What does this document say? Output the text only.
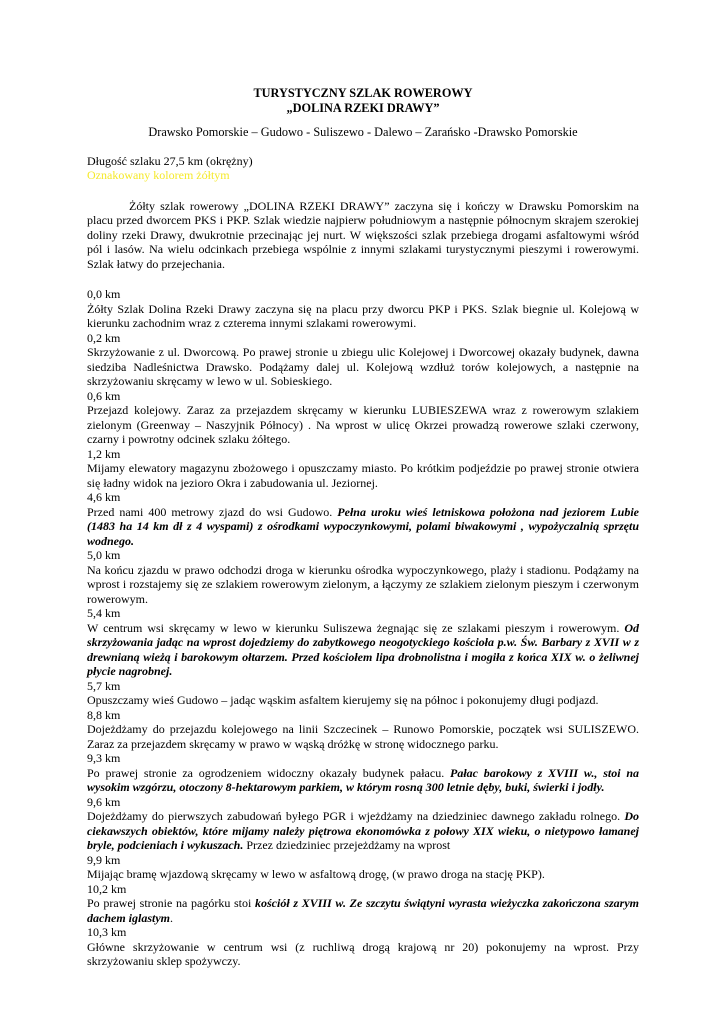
TURYSTYCZNY SZLAK ROWEROWY
„DOLINA RZEKI DRAWY”
Drawsko Pomorskie – Gudowo - Suliszewo - Dalewo – Zarańsko -Drawsko Pomorskie
Długość szlaku 27,5 km (okrężny)
Oznakowany kolorem żółtym
Żółty szlak rowerowy „DOLINA RZEKI DRAWY” zaczyna się i kończy w Drawsku Pomorskim na placu przed dworcem PKS i PKP. Szlak wiedzie najpierw południowym a następnie północnym skrajem szerokiej doliny rzeki Drawy, dwukrotnie przecinając jej nurt. W większości szlak przebiega drogami asfaltowymi wśród pól i lasów. Na wielu odcinkach przebiega wspólnie z innymi szlakami turystycznymi pieszymi i rowerowymi. Szlak łatwy do przejechania.
0,0 km
Żółty Szlak Dolina Rzeki Drawy zaczyna się na placu przy dworcu PKP i PKS. Szlak biegnie ul. Kolejową w kierunku zachodnim wraz z czterema innymi szlakami rowerowymi.
0,2 km
Skrzyżowanie z ul. Dworcową. Po prawej stronie u zbiegu ulic Kolejowej i Dworcowej okazały budynek, dawna siedziba Nadleśnictwa Drawsko. Podążamy dalej ul. Kolejową wzdłuż torów kolejowych, a następnie na skrzyżowaniu skręcamy w lewo w ul. Sobieskiego.
0,6 km
Przejazd kolejowy. Zaraz za przejazdem skręcamy w kierunku LUBIESZEWA wraz z rowerowym szlakiem zielonym (Greenway – Naszyjnik Północy) . Na wprost w ulicę Okrzei prowadzą rowerowe szlaki czerwony, czarny i powrotny odcinek szlaku żółtego.
1,2 km
Mijamy elewatory magazynu zbożowego i opuszczamy miasto. Po krótkim podjeździe po prawej stronie otwiera się ładny widok na jezioro Okra i zabudowania ul. Jeziornej.
4,6 km
Przed nami 400 metrowy zjazd do wsi Gudowo. Pełna uroku wieś letniskowa położona nad jeziorem Lubie (1483 ha 14 km dł z 4 wyspami) z ośrodkami wypoczynkowymi, polami biwakowymi , wypożyczalnią sprzętu wodnego.
5,0 km
Na końcu zjazdu w prawo odchodzi droga w kierunku ośrodka wypoczynkowego, plaży i stadionu. Podążamy na wprost i rozstajemy się ze szlakiem rowerowym zielonym, a łączymy ze szlakiem zielonym pieszym i czerwonym rowerowym.
5,4 km
W centrum wsi skręcamy w lewo w kierunku Suliszewa żegnając się ze szlakami pieszym i rowerowym. Od skrzyżowania jadąc na wprost dojedziemy do zabytkowego neogotyckiego kościoła p.w. Św. Barbary z XVII w z drewnianą wieżą i barokowym ołtarzem. Przed kościołem lipa drobnolistna i mogiła z końca XIX w. o żeliwnej płycie nagrobnej.
5,7 km
Opuszczamy wieś Gudowo – jadąc wąskim asfaltem kierujemy się na północ i pokonujemy długi podjazd.
8,8 km
Dojeżdżamy do przejazdu kolejowego na linii Szczecinek – Runowo Pomorskie, początek wsi SULISZEWO. Zaraz za przejazdem skręcamy w prawo w wąską dróżkę w stronę widocznego parku.
9,3 km
Po prawej stronie za ogrodzeniem widoczny okazały budynek pałacu. Pałac barokowy z XVIII w., stoi na wysokim wzgórzu, otoczony 8-hektarowym parkiem, w którym rosną 300 letnie dęby, buki, świerki i jodły.
9,6 km
Dojeżdżamy do pierwszych zabudowań byłego PGR i wjeżdżamy na dziedziniec dawnego zakładu rolnego. Do ciekawszych obiektów, które mijamy należy piętrowa ekonomówka z połowy XIX wieku, o nietypowo łamanej bryle, podcieniach i wykuszach. Przez dziedziniec przejeżdżamy na wprost
9,9 km
Mijając bramę wjazdową skręcamy w lewo w asfaltową drogę, (w prawo droga na stację PKP).
10,2 km
Po prawej stronie na pagórku stoi kościół z XVIII w. Ze szczytu świątyni wyrasta wieżyczka zakończona szarym dachem iglastym.
10,3 km
Główne skrzyżowanie w centrum wsi (z ruchliwą drogą krajową nr 20) pokonujemy na wprost. Przy skrzyżowaniu sklep spożywczy.
